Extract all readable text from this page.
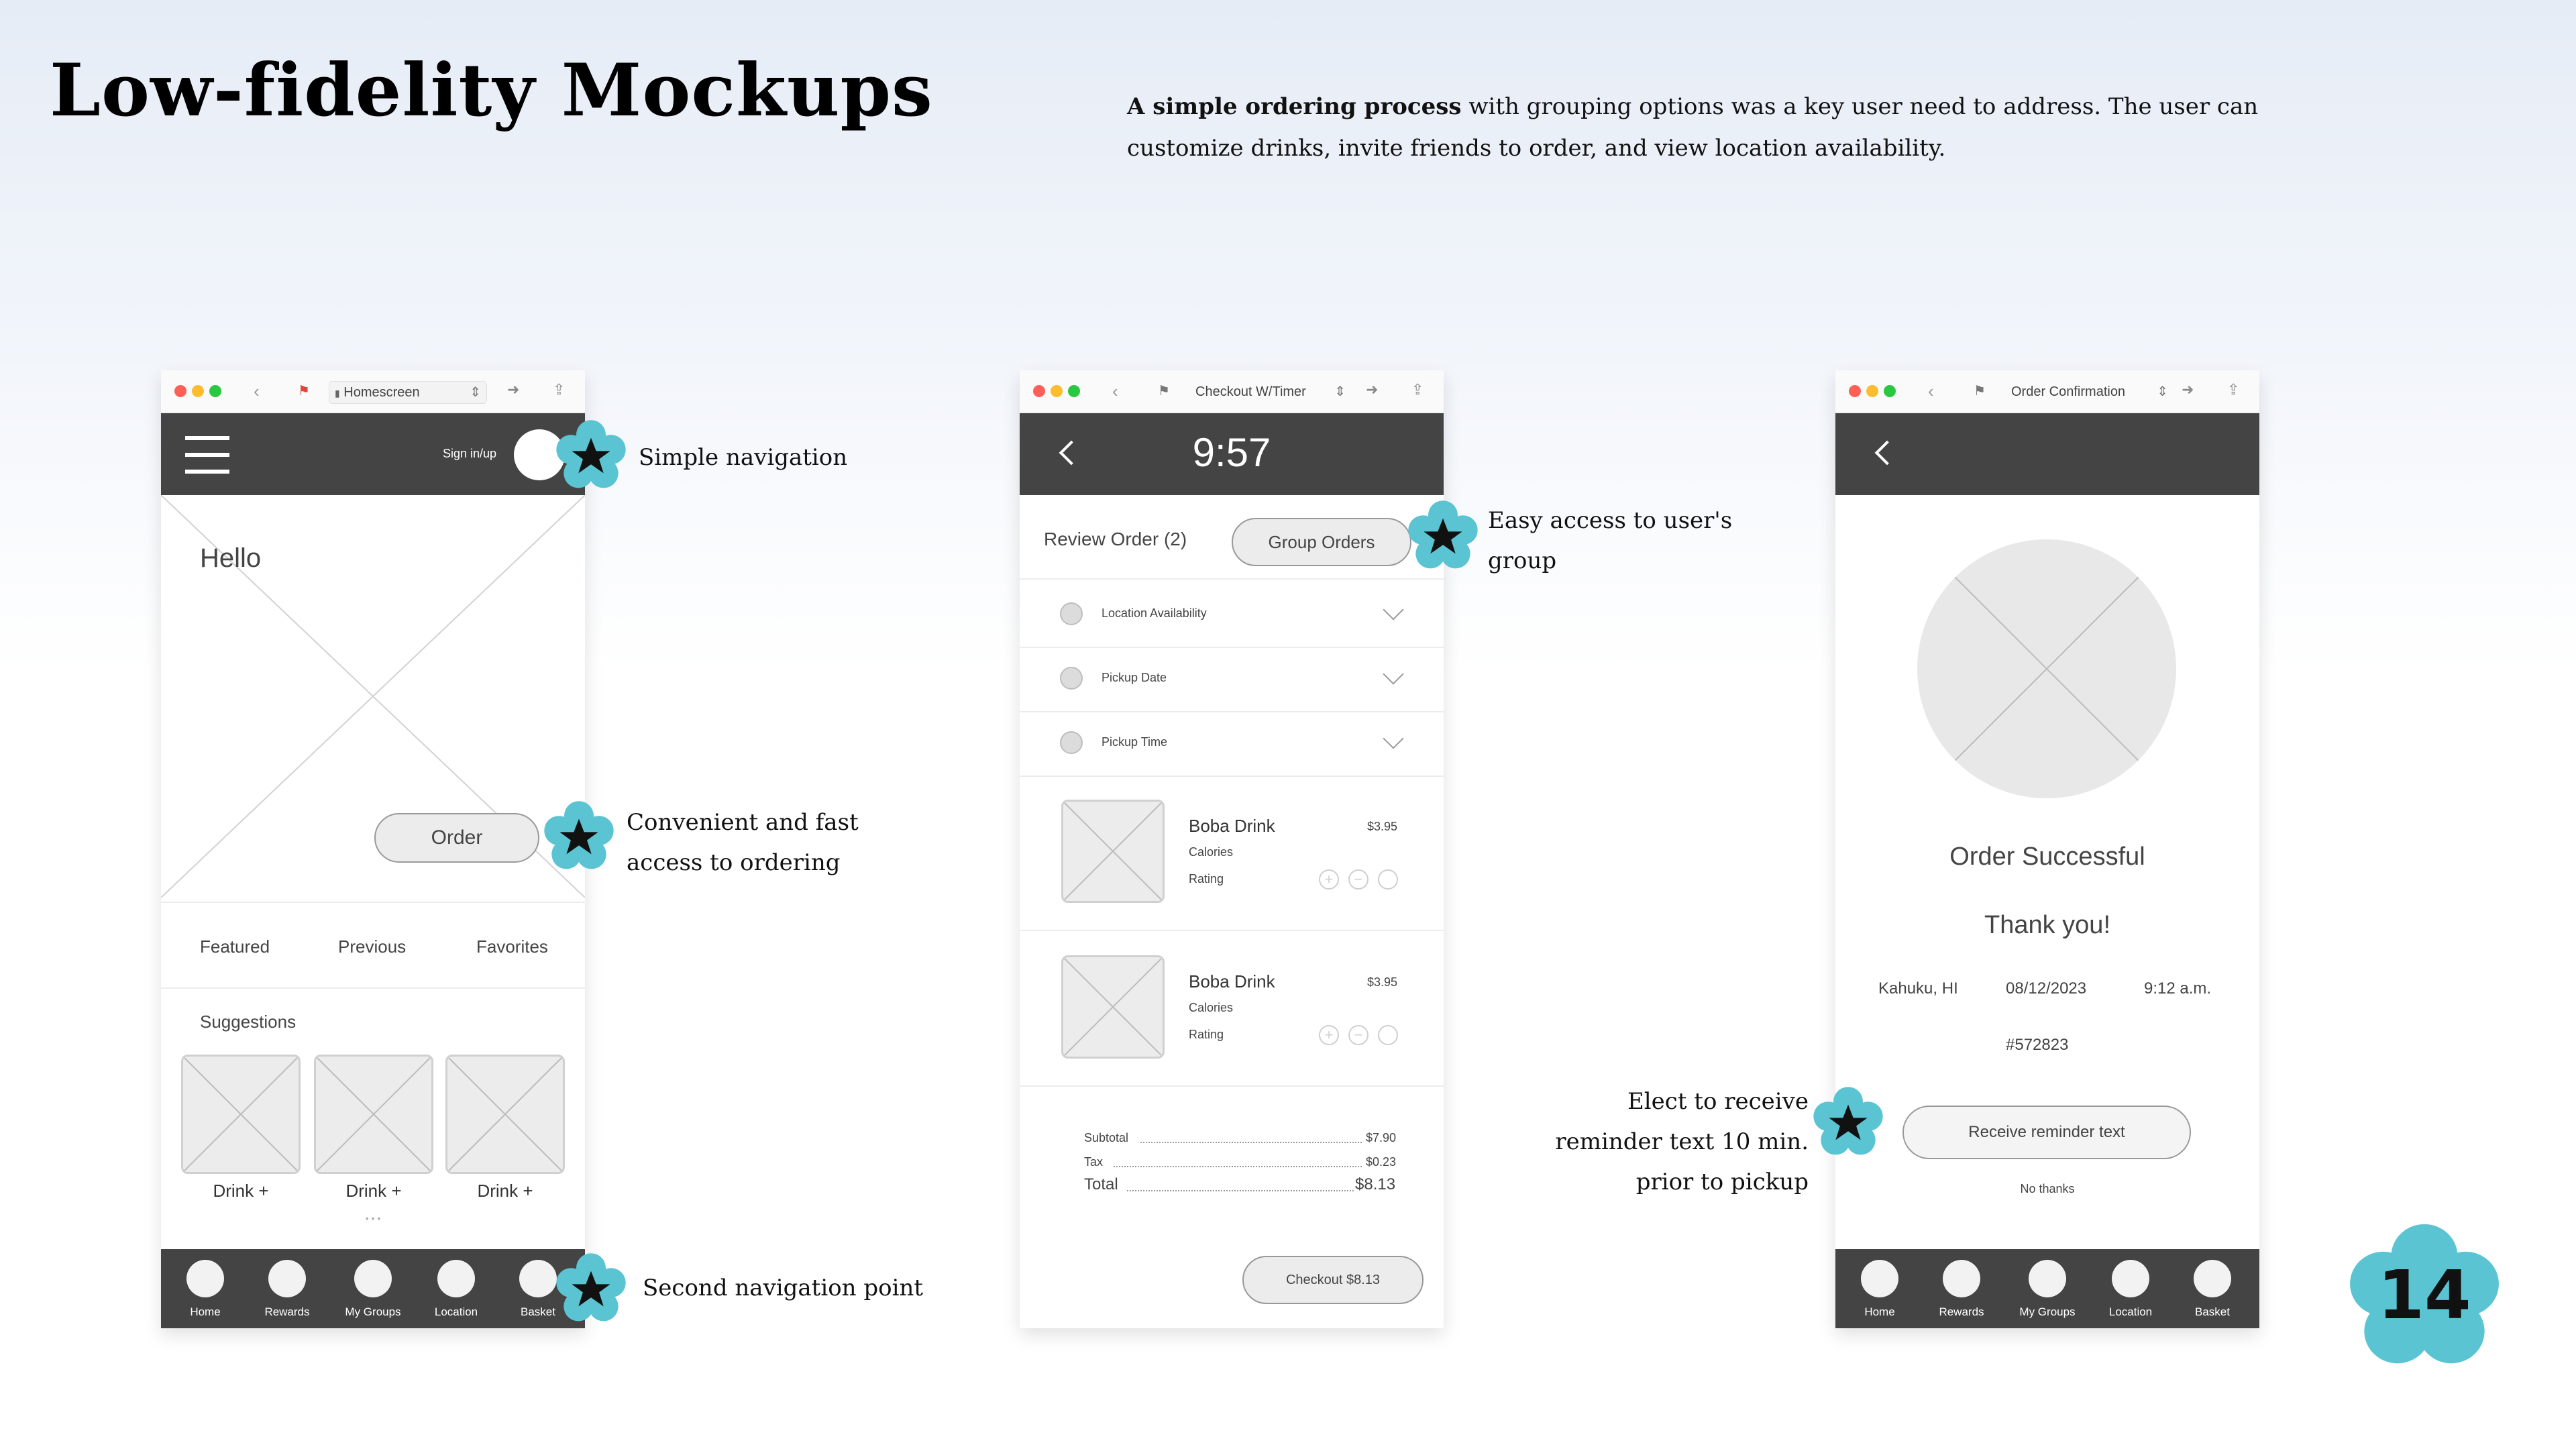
Low-fidelity Mockups	A simple ordering process with grouping options was a key user need to address. The user can customize drinks, invite friends to order, and view location availability.
‹	⚑	▮ Homescreen	⇕ ➜ ⇪
Sign in/up
Hello
Order
Featured	Previous	Favorites
Suggestions
Drink +	Drink +	Drink +
• • •
Home	Rewards	My Groups	Location	Basket
‹	⚑	Checkout W/Timer ⇕ ➜ ⇪
9:57
Review Order (2)	Group Orders
Location Availability
Pickup Date
Pickup Time
Boba Drink	$3.95
Calories
Rating	+	−
Boba Drink	$3.95
Calories
Rating	+	−
Subtotal	$7.90
Tax	$0.23
Total	$8.13
Checkout $8.13
‹	⚑	Order Confirmation ⇕ ➜ ⇪
Order Successful
Thank you!
Kahuku, HI	08/12/2023	9:12 a.m.
#572823
Receive reminder text
No thanks
Home	Rewards	My Groups	Location	Basket
Simple navigation
Convenient and fast
access to ordering
Second navigation point
Easy access to user's
group
Elect to receive
reminder text 10 min.
prior to pickup
14
